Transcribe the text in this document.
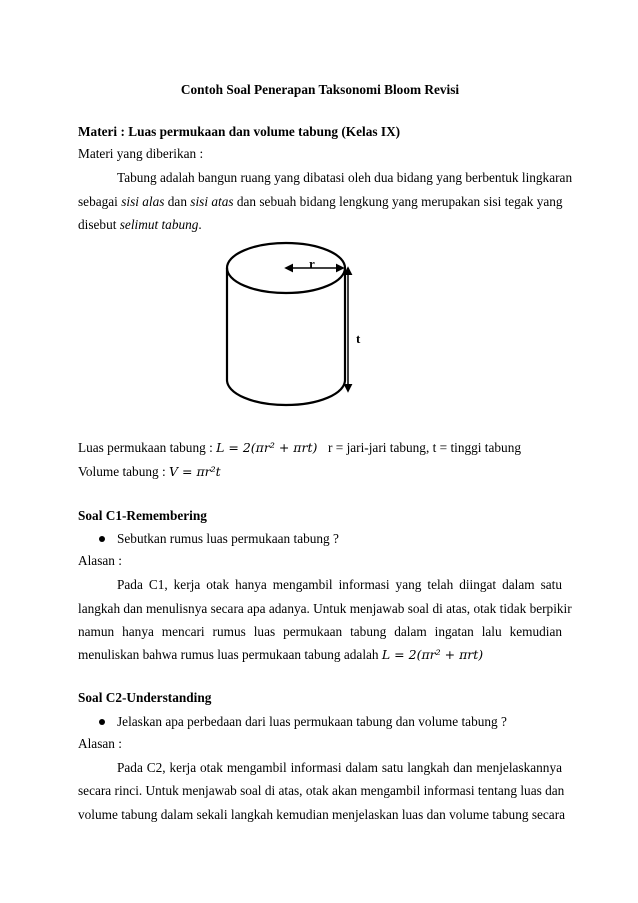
Contoh Soal Penerapan Taksonomi Bloom Revisi
Materi : Luas permukaan dan volume tabung (Kelas IX)
Materi yang diberikan :
Tabung adalah bangun ruang yang dibatasi oleh dua bidang yang berbentuk lingkaran
sebagai sisi alas dan sisi atas dan sebuah bidang lengkung yang merupakan sisi tegak yang
disebut selimut tabung.
r
t
Luas permukaan tabung : L = 2(πr² + πrt) r = jari-jari tabung, t = tinggi tabung
Volume tabung : V = πr²t
Soal C1-Remembering
Sebutkan rumus luas permukaan tabung ?
Alasan :
Pada C1, kerja otak hanya mengambil informasi yang telah diingat dalam satu
langkah dan menulisnya secara apa adanya. Untuk menjawab soal di atas, otak tidak berpikir
namun hanya mencari rumus luas permukaan tabung dalam ingatan lalu kemudian
menuliskan bahwa rumus luas permukaan tabung adalah L = 2(πr² + πrt)
Soal C2-Understanding
Jelaskan apa perbedaan dari luas permukaan tabung dan volume tabung ?
Alasan :
Pada C2, kerja otak mengambil informasi dalam satu langkah dan menjelaskannya
secara rinci. Untuk menjawab soal di atas, otak akan mengambil informasi tentang luas dan
volume tabung dalam sekali langkah kemudian menjelaskan luas dan volume tabung secara
